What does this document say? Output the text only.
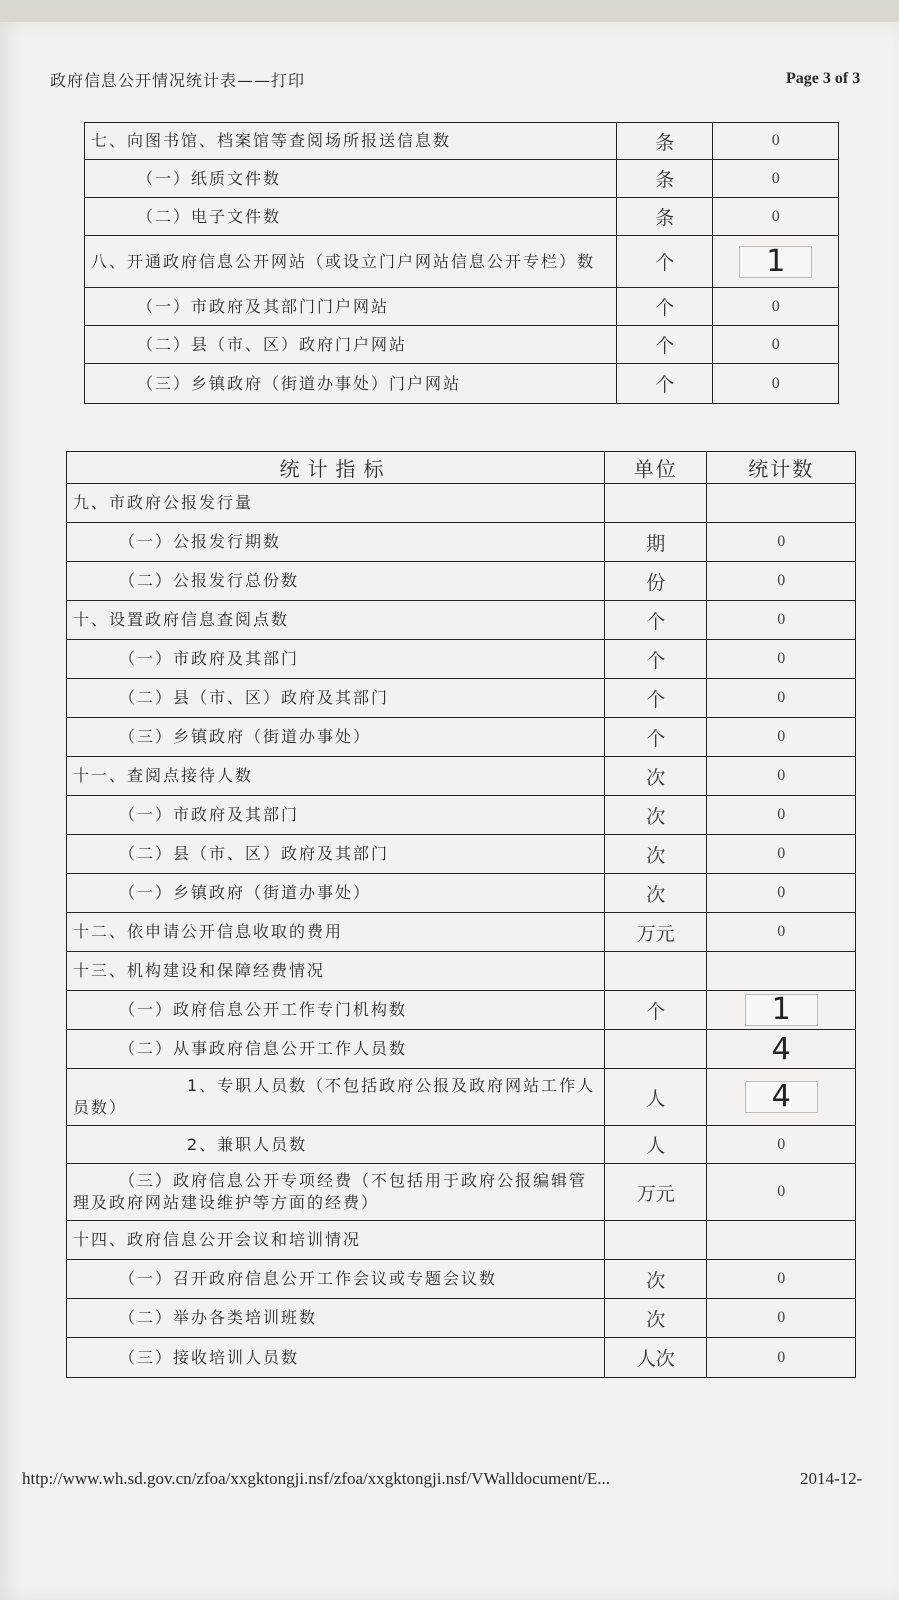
政府信息公开情况统计表——打印	Page 3 of 3
七、向图书馆、档案馆等查阅场所报送信息数	条	0
（一）纸质文件数	条	0
（二）电子文件数	条	0
八、开通政府信息公开网站（或设立门户网站信息公开专栏）数	个	1
（一）市政府及其部门门户网站	个	0
（二）县（市、区）政府门户网站	个	0
（三）乡镇政府（街道办事处）门户网站	个	0
统计指标	单位	统计数
九、市政府公报发行量		
（一）公报发行期数	期	0
（二）公报发行总份数	份	0
十、设置政府信息查阅点数	个	0
（一）市政府及其部门	个	0
（二）县（市、区）政府及其部门	个	0
（三）乡镇政府（街道办事处）	个	0
十一、查阅点接待人数	次	0
（一）市政府及其部门	次	0
（二）县（市、区）政府及其部门	次	0
（一）乡镇政府（街道办事处）	次	0
十二、依申请公开信息收取的费用	万元	0
十三、机构建设和保障经费情况		
（一）政府信息公开工作专门机构数	个	1
（二）从事政府信息公开工作人员数		4
1、专职人员数（不包括政府公报及政府网站工作人员数）	人	4
2、兼职人员数	人	0
（三）政府信息公开专项经费（不包括用于政府公报编辑管理及政府网站建设维护等方面的经费）	万元	0
十四、政府信息公开会议和培训情况		
（一）召开政府信息公开工作会议或专题会议数	次	0
（二）举办各类培训班数	次	0
（三）接收培训人员数	人次	0
http://www.wh.sd.gov.cn/zfoa/xxgktongji.nsf/zfoa/xxgktongji.nsf/VWalldocument/E...	2014-12-
